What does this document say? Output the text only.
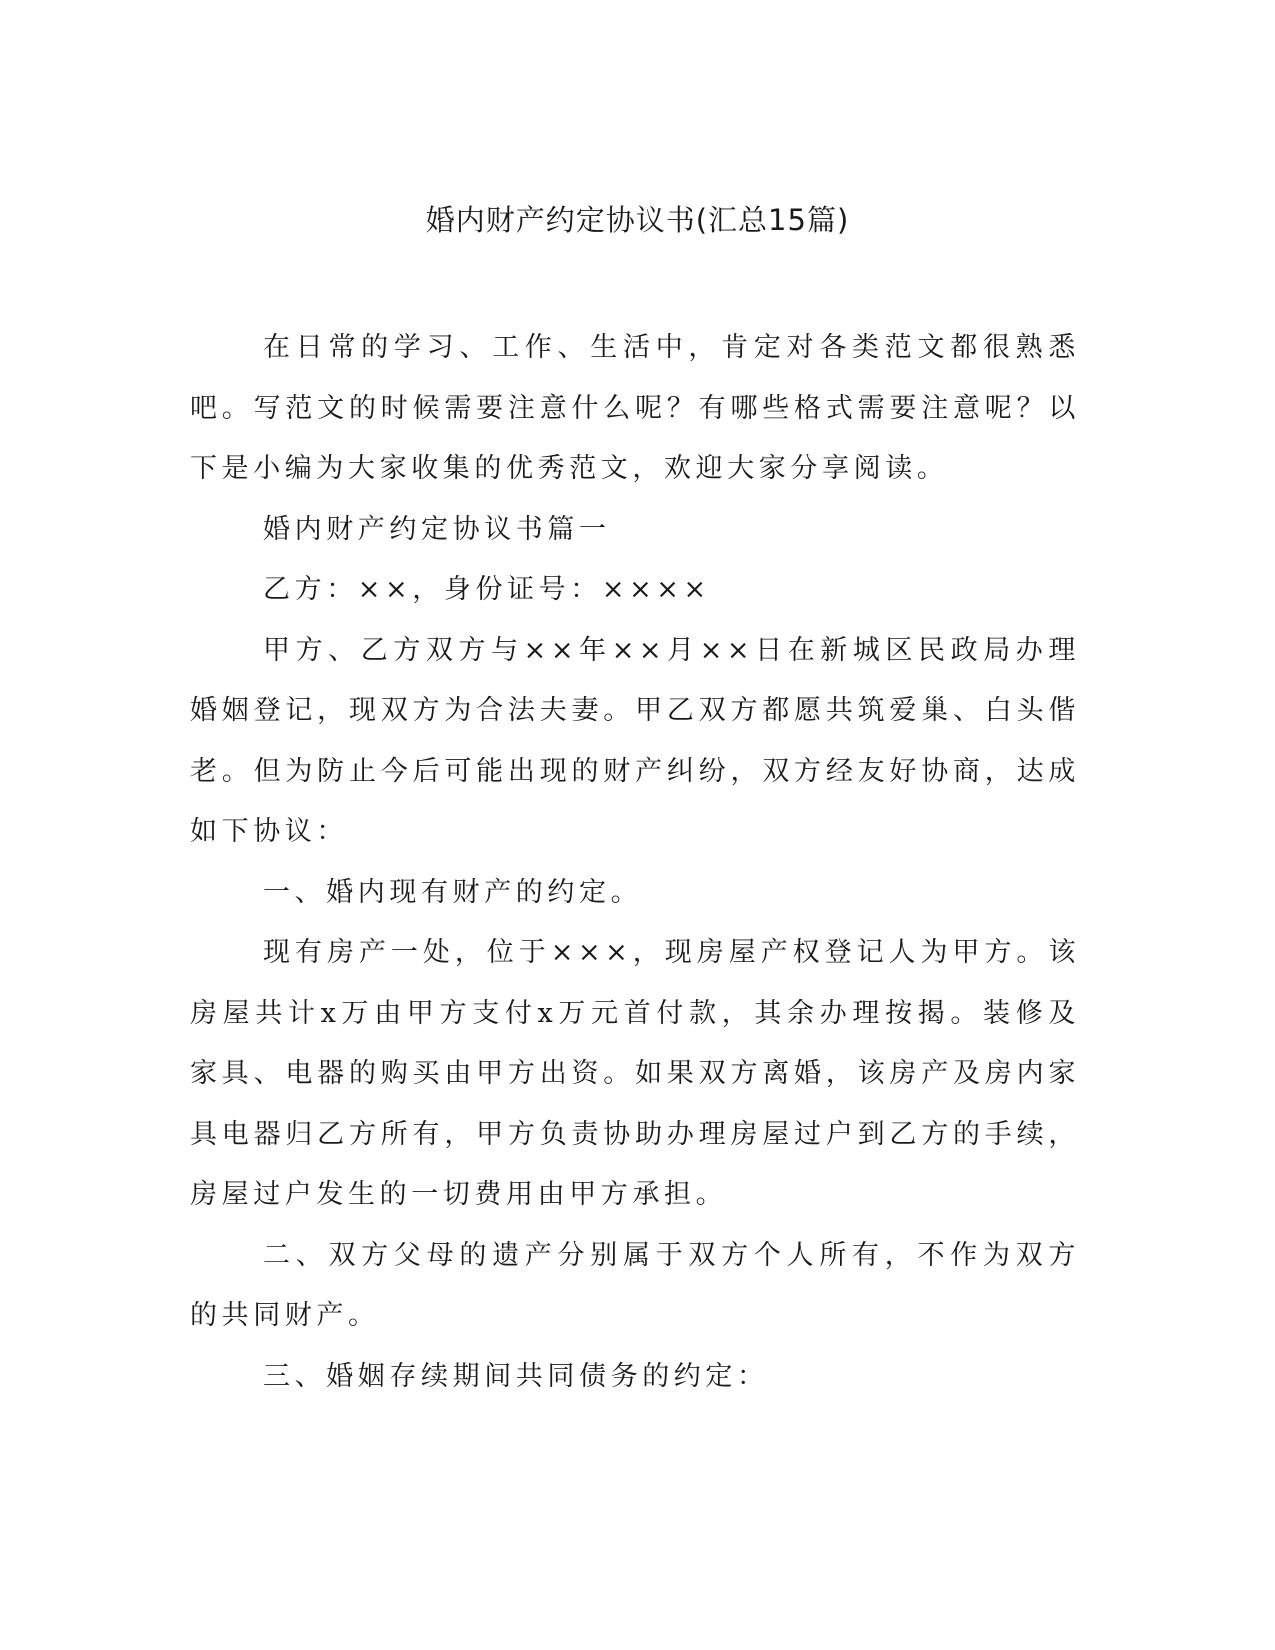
婚内财产约定协议书(汇总15篇)

在日常的学习、工作、生活中，肯定对各类范文都很熟悉吧。写范文的时候需要注意什么呢？有哪些格式需要注意呢？以下是小编为大家收集的优秀范文，欢迎大家分享阅读。

婚内财产约定协议书篇一

乙方：××，身份证号：××××

甲方、乙方双方与××年××月××日在新城区民政局办理婚姻登记，现双方为合法夫妻。甲乙双方都愿共筑爱巢、白头偕老。但为防止今后可能出现的财产纠纷，双方经友好协商，达成如下协议：

一、婚内现有财产的约定。

现有房产一处，位于×××，现房屋产权登记人为甲方。该房屋共计x万由甲方支付x万元首付款，其余办理按揭。装修及家具、电器的购买由甲方出资。如果双方离婚，该房产及房内家具电器归乙方所有，甲方负责协助办理房屋过户到乙方的手续，房屋过户发生的一切费用由甲方承担。

二、双方父母的遗产分别属于双方个人所有，不作为双方的共同财产。

三、婚姻存续期间共同债务的约定：
